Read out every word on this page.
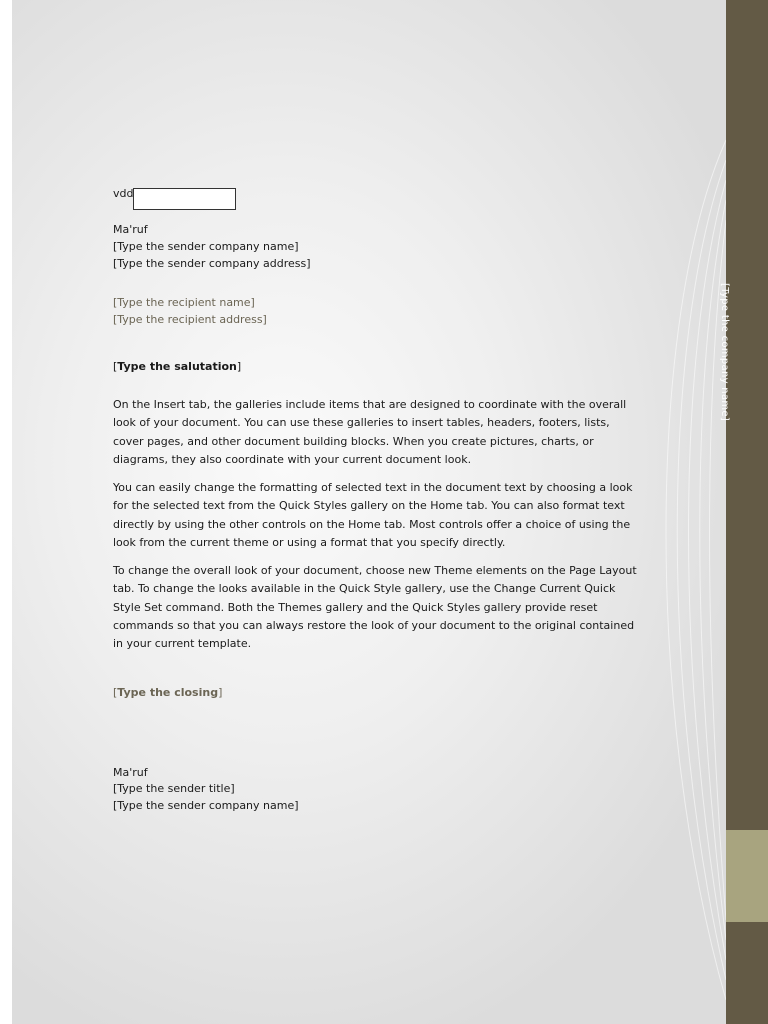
[Type the company name]
vdd
Ma'ruf
[Type the sender company name]
[Type the sender company address]
[Type the recipient name]
[Type the recipient address]
[Type the salutation]
On the Insert tab, the galleries include items that are designed to coordinate with the overall look of your document. You can use these galleries to insert tables, headers, footers, lists, cover pages, and other document building blocks. When you create pictures, charts, or diagrams, they also coordinate with your current document look.
You can easily change the formatting of selected text in the document text by choosing a look for the selected text from the Quick Styles gallery on the Home tab. You can also format text directly by using the other controls on the Home tab. Most controls offer a choice of using the look from the current theme or using a format that you specify directly.
To change the overall look of your document, choose new Theme elements on the Page Layout tab. To change the looks available in the Quick Style gallery, use the Change Current Quick Style Set command. Both the Themes gallery and the Quick Styles gallery provide reset commands so that you can always restore the look of your document to the original contained in your current template.
[Type the closing]
Ma'ruf
[Type the sender title]
[Type the sender company name]
